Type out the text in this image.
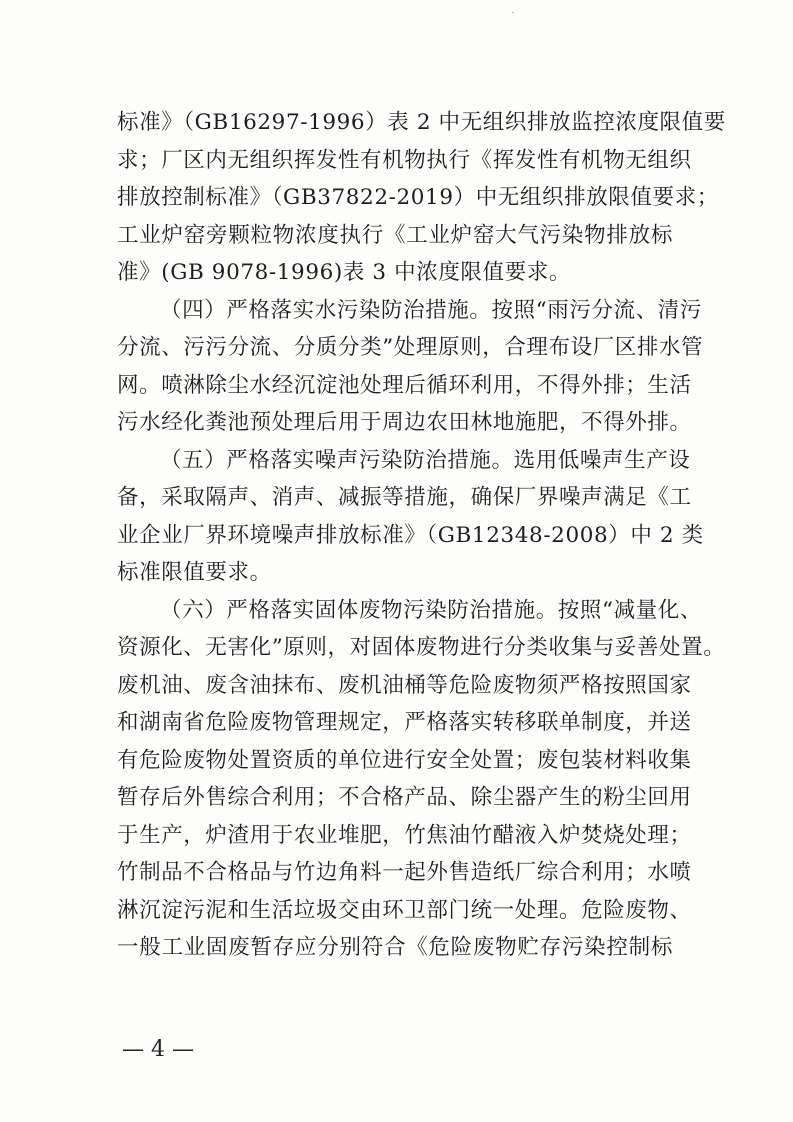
标准》（GB16297-1996）表 2 中无组织排放监控浓度限值要

求；厂区内无组织挥发性有机物执行《挥发性有机物无组织

排放控制标准》（GB37822-2019）中无组织排放限值要求；

工业炉窑旁颗粒物浓度执行《工业炉窑大气污染物排放标

准》(GB 9078-1996)表 3 中浓度限值要求。

（四）严格落实水污染防治措施。按照“雨污分流、清污

分流、污污分流、分质分类”处理原则，合理布设厂区排水管

网。喷淋除尘水经沉淀池处理后循环利用，不得外排；生活

污水经化粪池预处理后用于周边农田林地施肥，不得外排。

（五）严格落实噪声污染防治措施。选用低噪声生产设

备，采取隔声、消声、减振等措施，确保厂界噪声满足《工

业企业厂界环境噪声排放标准》（GB12348-2008）中 2 类

标准限值要求。

（六）严格落实固体废物污染防治措施。按照“减量化、

资源化、无害化”原则，对固体废物进行分类收集与妥善处置。

废机油、废含油抹布、废机油桶等危险废物须严格按照国家

和湖南省危险废物管理规定，严格落实转移联单制度，并送

有危险废物处置资质的单位进行安全处置；废包装材料收集

暂存后外售综合利用；不合格产品、除尘器产生的粉尘回用

于生产，炉渣用于农业堆肥，竹焦油竹醋液入炉焚烧处理；

竹制品不合格品与竹边角料一起外售造纸厂综合利用；水喷

淋沉淀污泥和生活垃圾交由环卫部门统一处理。危险废物、

一般工业固废暂存应分别符合《危险废物贮存污染控制标

— 4 —
